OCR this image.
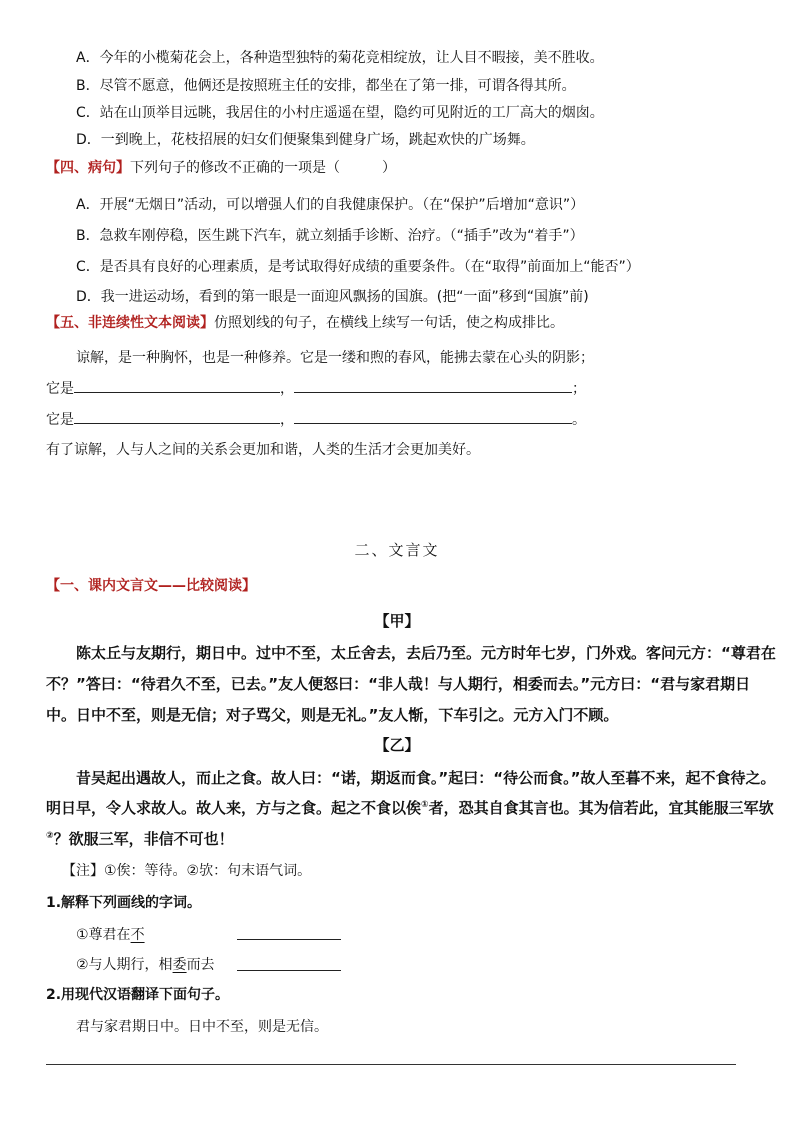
A．今年的小榄菊花会上，各种造型独特的菊花竞相绽放，让人目不暇接，美不胜收。
B．尽管不愿意，他俩还是按照班主任的安排，都坐在了第一排，可谓各得其所。
C．站在山顶举目远眺，我居住的小村庄遥遥在望，隐约可见附近的工厂高大的烟囱。
D．一到晚上，花枝招展的妇女们便聚集到健身广场，跳起欢快的广场舞。
【四、病句】下列句子的修改不正确的一项是（　　　）
A．开展“无烟日”活动，可以增强人们的自我健康保护。（在“保护”后增加“意识”）
B．急救车刚停稳，医生跳下汽车，就立刻插手诊断、治疗。（“插手”改为“着手”）
C．是否具有良好的心理素质，是考试取得好成绩的重要条件。（在“取得”前面加上“能否”）
D．我一进运动场，看到的第一眼是一面迎风飘扬的国旗。(把“一面”移到“国旗”前)
【五、非连续性文本阅读】仿照划线的句子，在横线上续写一句话，使之构成排比。
谅解，是一种胸怀，也是一种修养。它是一缕和煦的春风，能拂去蒙在心头的阴影；
它是	，	；
它是	，	。
有了谅解，人与人之间的关系会更加和谐，人类的生活才会更加美好。
二、文言文
【一、课内文言文——比较阅读】
【甲】
陈太丘与友期行，期日中。过中不至，太丘舍去，去后乃至。元方时年七岁，门外戏。客问元方：“尊君在
不？”答曰：“待君久不至，已去。”友人便怒曰：“非人哉！与人期行，相委而去。”元方曰：“君与家君期日
中。日中不至，则是无信；对子骂父，则是无礼。”友人惭，下车引之。元方入门不顾。
【乙】
昔吴起出遇故人，而止之食。故人曰：“诺，期返而食。”起曰：“待公而食。”故人至暮不来，起不食待之。
明日早，令人求故人。故人来，方与之食。起之不食以俟①者，恐其自食其言也。其为信若此，宜其能服三军欤
②？欲服三军，非信不可也！
【注】①俟：等待。②欤：句末语气词。
1.解释下列画线的字词。
①尊君在不
②与人期行，相委而去
2.用现代汉语翻译下面句子。
君与家君期日中。日中不至，则是无信。
